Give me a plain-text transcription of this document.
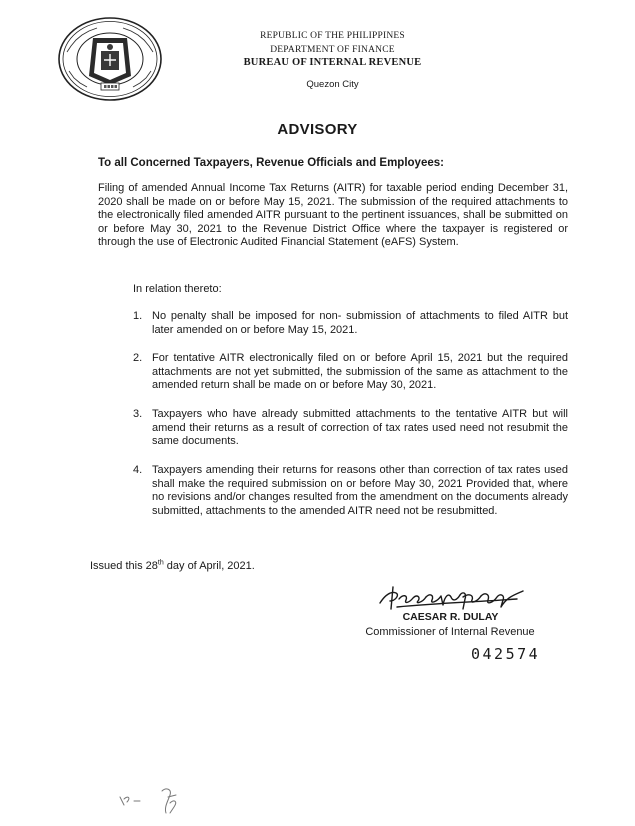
REPUBLIC OF THE PHILIPPINES
DEPARTMENT OF FINANCE
BUREAU OF INTERNAL REVENUE
Quezon City
ADVISORY
To all Concerned Taxpayers, Revenue Officials and Employees:
Filing of amended Annual Income Tax Returns (AITR) for taxable period ending December 31, 2020 shall be made on or before May 15, 2021. The submission of the required attachments to the electronically filed amended AITR pursuant to the pertinent issuances, shall be submitted on or before May 30, 2021 to the Revenue District Office where the taxpayer is registered or through the use of Electronic Audited Financial Statement (eAFS) System.
In relation thereto:
1. No penalty shall be imposed for non- submission of attachments to filed AITR but later amended on or before May 15, 2021.
2. For tentative AITR electronically filed on or before April 15, 2021 but the required attachments are not yet submitted, the submission of the same as attachment to the amended return shall be made on or before May 30, 2021.
3. Taxpayers who have already submitted attachments to the tentative AITR but will amend their returns as a result of correction of tax rates used need not resubmit the same documents.
4. Taxpayers amending their returns for reasons other than correction of tax rates used shall make the required submission on or before May 30, 2021 Provided that, where no revisions and/or changes resulted from the amendment on the documents already submitted, attachments to the amended AITR need not be resubmitted.
Issued this 28th day of April, 2021.
CAESAR R. DULAY
Commissioner of Internal Revenue
042574
